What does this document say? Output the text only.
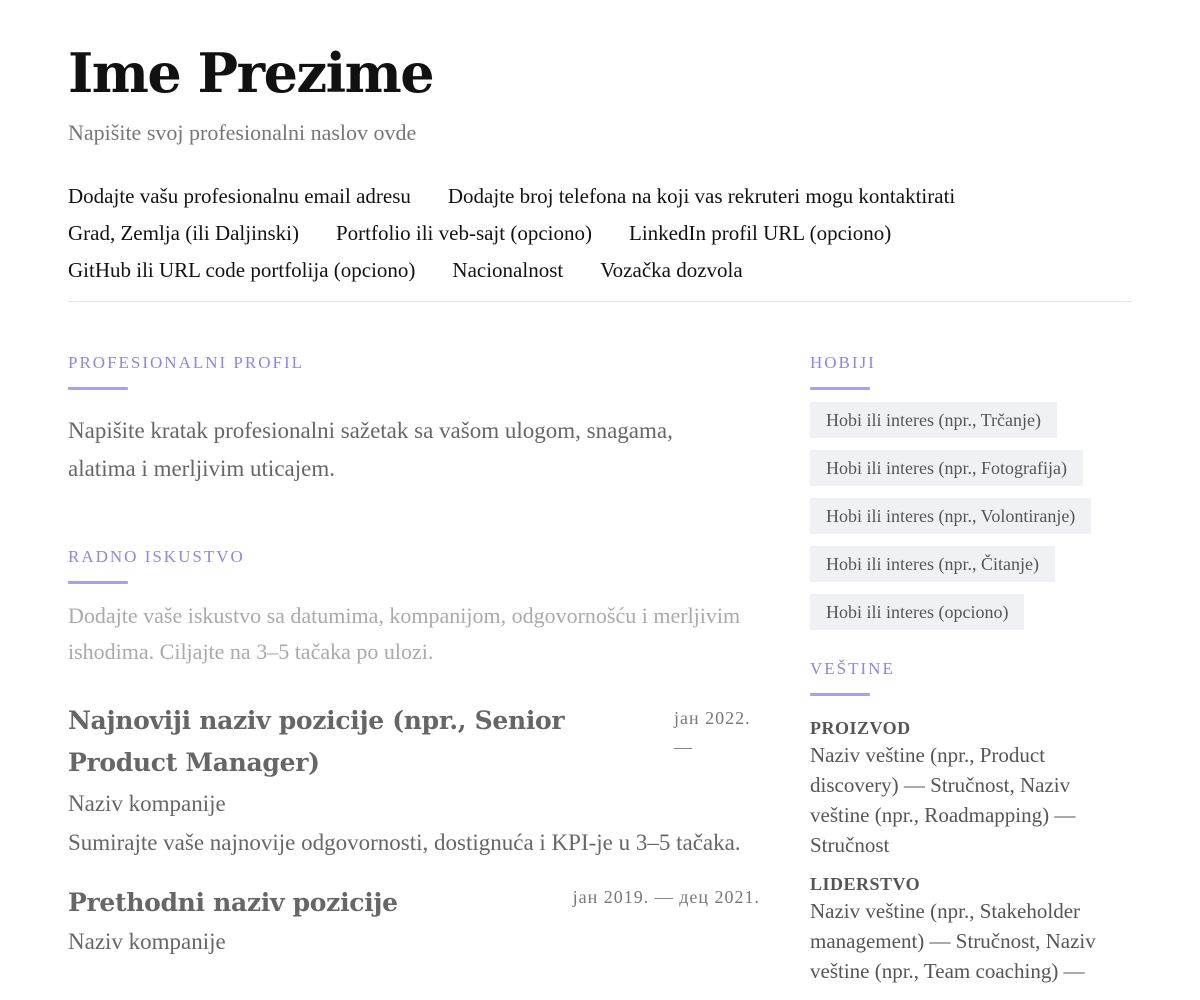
Ime Prezime
Napišite svoj profesionalni naslov ovde
Dodajte vašu profesionalnu email adresu Dodajte broj telefona na koji vas rekruteri mogu kontaktirati
Grad, Zemlja (ili Daljinski) Portfolio ili veb-sajt (opciono) LinkedIn profil URL (opciono)
GitHub ili URL code portfolija (opciono) Nacionalnost Vozačka dozvola
PROFESIONALNI PROFIL
Napišite kratak profesionalni sažetak sa vašom ulogom, snagama, alatima i merljivim uticajem.
RADNO ISKUSTVO
Dodajte vaše iskustvo sa datumima, kompanijom, odgovornošću i merljivim ishodima. Ciljajte na 3–5 tačaka po ulozi.
Najnoviji naziv pozicije (npr., Senior Product Manager)
јан 2022. —
Naziv kompanije
Sumirajte vaše najnovije odgovornosti, dostignuća i KPI-je u 3–5 tačaka.
Prethodni naziv pozicije	јан 2019. — дец 2021.
Naziv kompanije
HOBIJI
Hobi ili interes (npr., Trčanje)
Hobi ili interes (npr., Fotografija)
Hobi ili interes (npr., Volontiranje)
Hobi ili interes (npr., Čitanje)
Hobi ili interes (opciono)
VEŠTINE
PROIZVOD
Naziv veštine (npr., Product discovery) — Stručnost, Naziv veštine (npr., Roadmapping) — Stručnost
LIDERSTVO
Naziv veštine (npr., Stakeholder management) — Stručnost, Naziv veštine (npr., Team coaching) —
